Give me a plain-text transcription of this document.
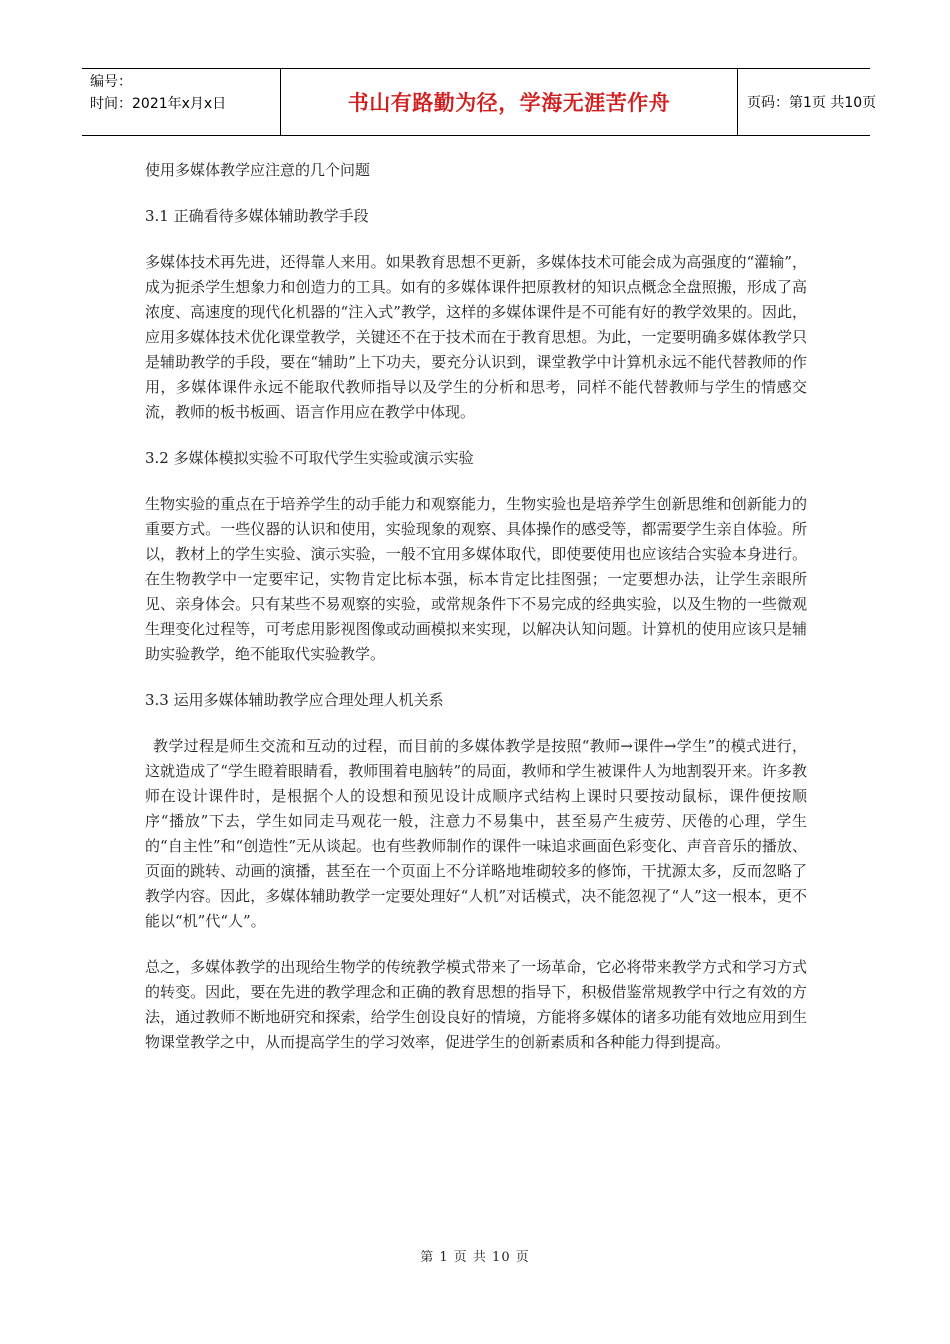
编号：
时间：2021年x月x日	书山有路勤为径，学海无涯苦作舟	页码：第1页 共10页

使用多媒体教学应注意的几个问题

3.1 正确看待多媒体辅助教学手段

多媒体技术再先进，还得靠人来用。如果教育思想不更新，多媒体技术可能会成为高强度的“灌输”，成为扼杀学生想象力和创造力的工具。如有的多媒体课件把原教材的知识点概念全盘照搬，形成了高浓度、高速度的现代化机器的“注入式”教学，这样的多媒体课件是不可能有好的教学效果的。因此，应用多媒体技术优化课堂教学，关键还不在于技术而在于教育思想。为此，一定要明确多媒体教学只是辅助教学的手段，要在“辅助”上下功夫，要充分认识到，课堂教学中计算机永远不能代替教师的作用，多媒体课件永远不能取代教师指导以及学生的分析和思考，同样不能代替教师与学生的情感交流，教师的板书板画、语言作用应在教学中体现。

3.2 多媒体模拟实验不可取代学生实验或演示实验

生物实验的重点在于培养学生的动手能力和观察能力，生物实验也是培养学生创新思维和创新能力的重要方式。一些仪器的认识和使用，实验现象的观察、具体操作的感受等，都需要学生亲自体验。所以，教材上的学生实验、演示实验，一般不宜用多媒体取代，即使要使用也应该结合实验本身进行。在生物教学中一定要牢记，实物肯定比标本强，标本肯定比挂图强；一定要想办法，让学生亲眼所见、亲身体会。只有某些不易观察的实验，或常规条件下不易完成的经典实验，以及生物的一些微观生理变化过程等，可考虑用影视图像或动画模拟来实现，以解决认知问题。计算机的使用应该只是辅助实验教学，绝不能取代实验教学。

3.3 运用多媒体辅助教学应合理处理人机关系

教学过程是师生交流和互动的过程，而目前的多媒体教学是按照“教师→课件→学生”的模式进行，这就造成了“学生瞪着眼睛看，教师围着电脑转”的局面，教师和学生被课件人为地割裂开来。许多教师在设计课件时，是根据个人的设想和预见设计成顺序式结构上课时只要按动鼠标，课件便按顺序“播放”下去，学生如同走马观花一般，注意力不易集中，甚至易产生疲劳、厌倦的心理，学生的“自主性”和“创造性”无从谈起。也有些教师制作的课件一味追求画面色彩变化、声音音乐的播放、页面的跳转、动画的演播，甚至在一个页面上不分详略地堆砌较多的修饰，干扰源太多，反而忽略了教学内容。因此，多媒体辅助教学一定要处理好“人机”对话模式，决不能忽视了“人”这一根本，更不能以“机”代“人”。

总之，多媒体教学的出现给生物学的传统教学模式带来了一场革命，它必将带来教学方式和学习方式的转变。因此，要在先进的教学理念和正确的教育思想的指导下，积极借鉴常规教学中行之有效的方法，通过教师不断地研究和探索，给学生创设良好的情境，方能将多媒体的诸多功能有效地应用到生物课堂教学之中，从而提高学生的学习效率，促进学生的创新素质和各种能力得到提高。

第 1 页 共 10 页
